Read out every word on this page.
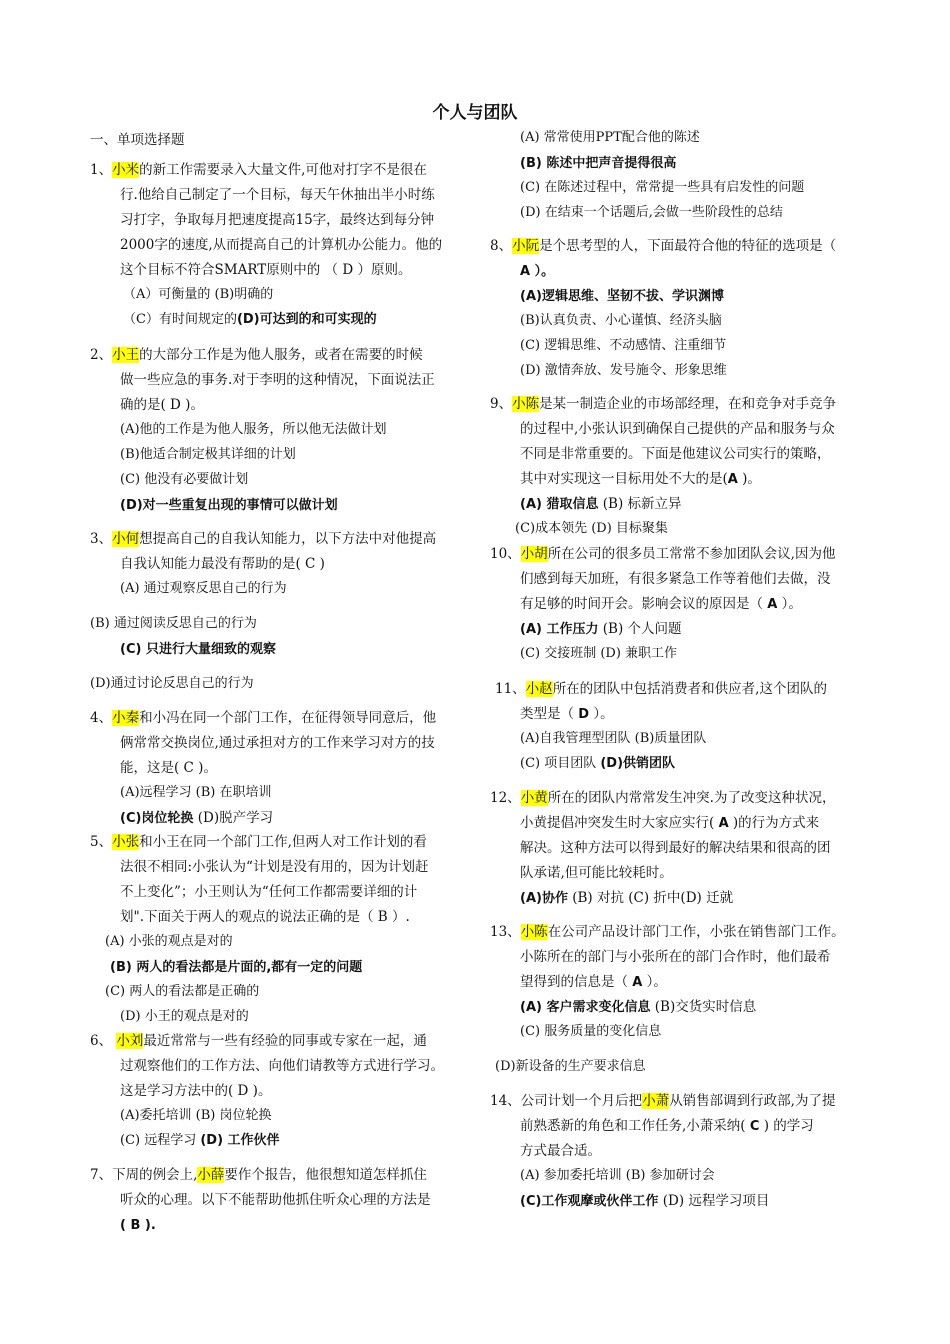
个人与团队
一、单项选择题
1、小米的新工作需要录入大量文件,可他对打字不是很在
行.他给自己制定了一个目标，每天午休抽出半小时练
习打字，争取每月把速度提高15字，最终达到每分钟
2000字的速度,从而提高自己的计算机办公能力。他的
这个目标不符合SMART原则中的 （ D ）原则。
（A）可衡量的 (B)明确的
（C）有时间规定的(D)可达到的和可实现的
2、小王的大部分工作是为他人服务，或者在需要的时候
做一些应急的事务.对于李明的这种情况，下面说法正
确的是( D )。
(A)他的工作是为他人服务，所以他无法做计划
(B)他适合制定极其详细的计划
(C) 他没有必要做计划
(D)对一些重复出现的事情可以做计划
3、小何想提高自己的自我认知能力，以下方法中对他提高
自我认知能力最没有帮助的是( C )
(A) 通过观察反思自己的行为
(B) 通过阅读反思自己的行为
(C) 只进行大量细致的观察
(D)通过讨论反思自己的行为
4、小秦和小冯在同一个部门工作，在征得领导同意后，他
俩常常交换岗位,通过承担对方的工作来学习对方的技
能，这是( C )。
(A)远程学习 (B) 在职培训
(C)岗位轮换 (D)脱产学习
5、小张和小王在同一个部门工作,但两人对工作计划的看
法很不相同:小张认为“计划是没有用的，因为计划赶
不上变化”；小王则认为“任何工作都需要详细的计
划".下面关于两人的观点的说法正确的是（ B ）.
(A) 小张的观点是对的
(B) 两人的看法都是片面的,都有一定的问题
(C) 两人的看法都是正确的
(D) 小王的观点是对的
6、 小刘最近常常与一些有经验的同事或专家在一起，通
过观察他们的工作方法、向他们请教等方式进行学习。
这是学习方法中的( D )。
(A)委托培训 (B) 岗位轮换
(C) 远程学习 (D) 工作伙伴
7、下周的例会上,小薛要作个报告，他很想知道怎样抓住
听众的心理。以下不能帮助他抓住听众心理的方法是
( B ).
(A) 常常使用PPT配合他的陈述
(B) 陈述中把声音提得很高
(C) 在陈述过程中，常常提一些具有启发性的问题
(D) 在结束一个话题后,会做一些阶段性的总结
8、小阮是个思考型的人，下面最符合他的特征的选项是（
A ）。
(A)逻辑思维、坚韧不拔、学识渊博
(B)认真负责、小心谨慎、经济头脑
(C) 逻辑思维、不动感情、注重细节
(D) 激情奔放、发号施令、形象思维
9、小陈是某一制造企业的市场部经理，在和竞争对手竞争
的过程中,小张认识到确保自己提供的产品和服务与众
不同是非常重要的。下面是他建议公司实行的策略，
其中对实现这一目标用处不大的是(A )。
(A) 猎取信息 (B) 标新立异
(C)成本领先 (D) 目标聚集
10、小胡所在公司的很多员工常常不参加团队会议,因为他
们感到每天加班，有很多紧急工作等着他们去做，没
有足够的时间开会。影响会议的原因是（ A ）。
(A) 工作压力 (B) 个人问题
(C) 交接班制 (D) 兼职工作
11、小赵所在的团队中包括消费者和供应者,这个团队的
类型是（ D ）。
(A)自我管理型团队 (B)质量团队
(C) 项目团队 (D)供销团队
12、小黄所在的团队内常常发生冲突.为了改变这种状况，
小黄提倡冲突发生时大家应实行( A )的行为方式来
解决。这种方法可以得到最好的解决结果和很高的团
队承诺,但可能比较耗时。
(A)协作 (B) 对抗 (C) 折中(D) 迁就
13、小陈在公司产品设计部门工作，小张在销售部门工作。
小陈所在的部门与小张所在的部门合作时，他们最希
望得到的信息是（ A ）。
(A) 客户需求变化信息 (B)交货实时信息
(C) 服务质量的变化信息
(D)新设备的生产要求信息
14、公司计划一个月后把小萧从销售部调到行政部,为了提
前熟悉新的角色和工作任务,小萧采纳( C ) 的学习
方式最合适。
(A) 参加委托培训 (B) 参加研讨会
(C)工作观摩或伙伴工作 (D) 远程学习项目
